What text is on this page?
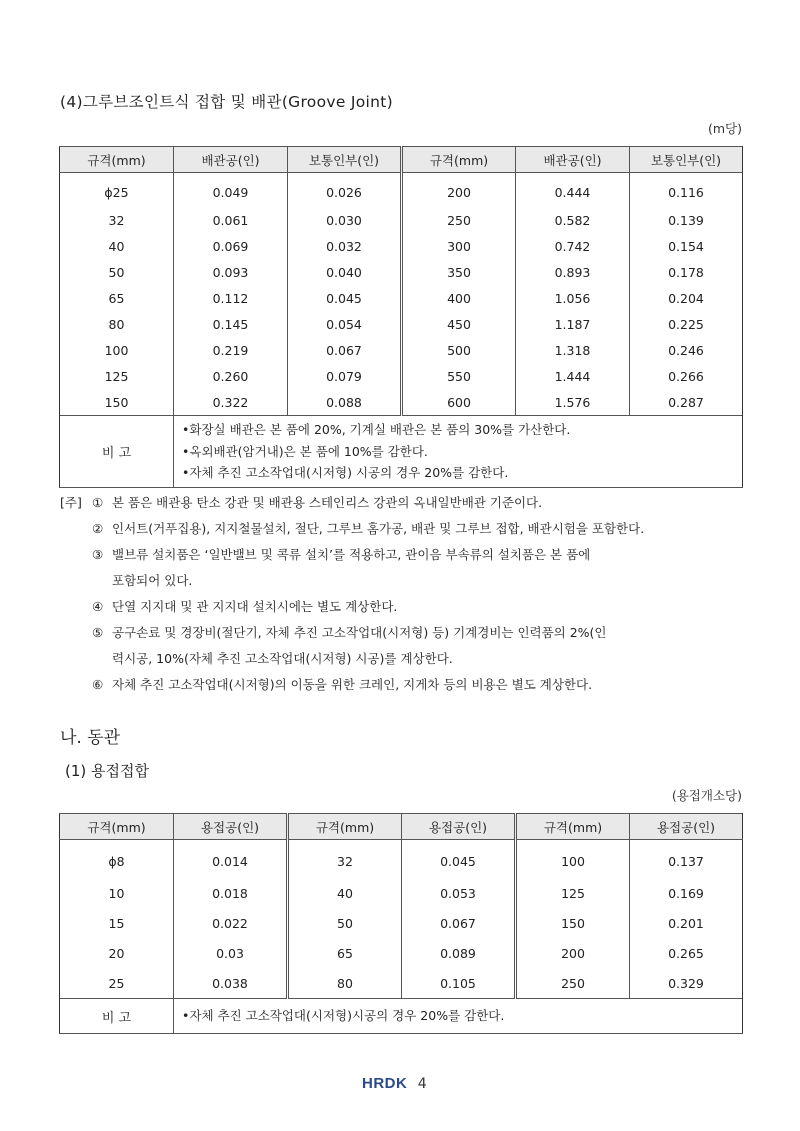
(4)그루브조인트식 접합 및 배관(Groove Joint)
(m당)
규격(mm)	배관공(인)	보통인부(인)	규격(mm)	배관공(인)	보통인부(인)
ϕ25	0.049	0.026	200	0.444	0.116
32	0.061	0.030	250	0.582	0.139
40	0.069	0.032	300	0.742	0.154
50	0.093	0.040	350	0.893	0.178
65	0.112	0.045	400	1.056	0.204
80	0.145	0.054	450	1.187	0.225
100	0.219	0.067	500	1.318	0.246
125	0.260	0.079	550	1.444	0.266
150	0.322	0.088	600	1.576	0.287
비 고	•화장실 배관은 본 품에 20%, 기계실 배관은 본 품의 30%를 가산한다.
•옥외배관(암거내)은 본 품에 10%를 감한다.
•자체 추진 고소작업대(시저형) 시공의 경우 20%를 감한다.				
[주] ① 본 품은 배관용 탄소 강관 및 배관용 스테인리스 강관의 옥내일반배관 기준이다.
② 인서트(거푸집용), 지지철물설치, 절단, 그루브 홈가공, 배관 및 그루브 접합, 배관시험을 포함한다.
③ 밸브류 설치품은 ‘일반밸브 및 콕류 설치’를 적용하고, 관이음 부속류의 설치품은 본 품에
포함되어 있다.
④ 단열 지지대 및 관 지지대 설치시에는 별도 계상한다.
⑤ 공구손료 및 경장비(절단기, 자체 추진 고소작업대(시저형) 등) 기계경비는 인력품의 2%(인
력시공, 10%(자체 추진 고소작업대(시저형) 시공)를 계상한다.
⑥ 자체 추진 고소작업대(시저형)의 이동을 위한 크레인, 지게차 등의 비용은 별도 계상한다.
나. 동관
(1) 용접접합
(용접개소당)
규격(mm)	용접공(인)	규격(mm)	용접공(인)	규격(mm)	용접공(인)
ϕ8	0.014	32	0.045	100	0.137
10	0.018	40	0.053	125	0.169
15	0.022	50	0.067	150	0.201
20	0.03	65	0.089	200	0.265
25	0.038	80	0.105	250	0.329
비 고	•자체 추진 고소작업대(시저형)시공의 경우 20%를 감한다.				
HRDK 4
